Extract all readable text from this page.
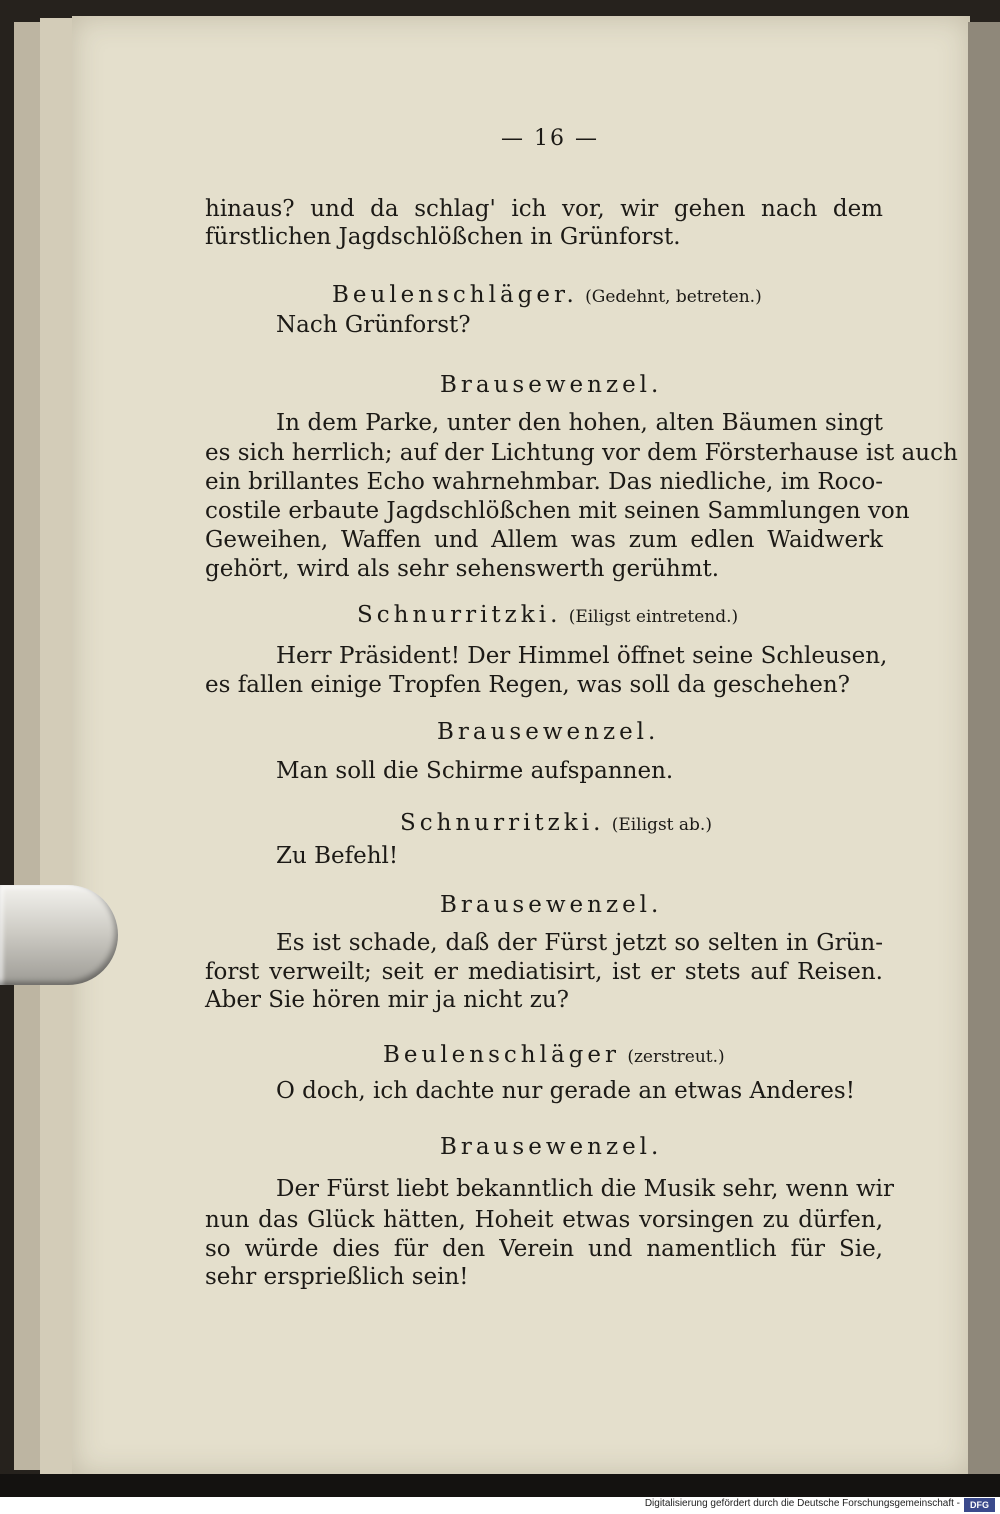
— 16 —
hinaus? und da schlag' ich vor, wir gehen nach dem
fürstlichen Jagdschlößchen in Grünforst.
Beulenschläger. (Gedehnt, betreten.)
Nach Grünforst?
Brausewenzel.
In dem Parke, unter den hohen, alten Bäumen singt
es sich herrlich; auf der Lichtung vor dem Försterhause ist auch
ein brillantes Echo wahrnehmbar. Das niedliche, im Roco-
costile erbaute Jagdschlößchen mit seinen Sammlungen von
Geweihen, Waffen und Allem was zum edlen Waidwerk
gehört, wird als sehr sehenswerth gerühmt.
Schnurritzki. (Eiligst eintretend.)
Herr Präsident! Der Himmel öffnet seine Schleusen,
es fallen einige Tropfen Regen, was soll da geschehen?
Brausewenzel.
Man soll die Schirme aufspannen.
Schnurritzki. (Eiligst ab.)
Zu Befehl!
Brausewenzel.
Es ist schade, daß der Fürst jetzt so selten in Grün-
forst verweilt; seit er mediatisirt, ist er stets auf Reisen.
Aber Sie hören mir ja nicht zu?
Beulenschläger (zerstreut.)
O doch, ich dachte nur gerade an etwas Anderes!
Brausewenzel.
Der Fürst liebt bekanntlich die Musik sehr, wenn wir
nun das Glück hätten, Hoheit etwas vorsingen zu dürfen,
so würde dies für den Verein und namentlich für Sie,
sehr ersprießlich sein!
Digitalisierung gefördert durch die Deutsche Forschungsgemeinschaft -	DFG
